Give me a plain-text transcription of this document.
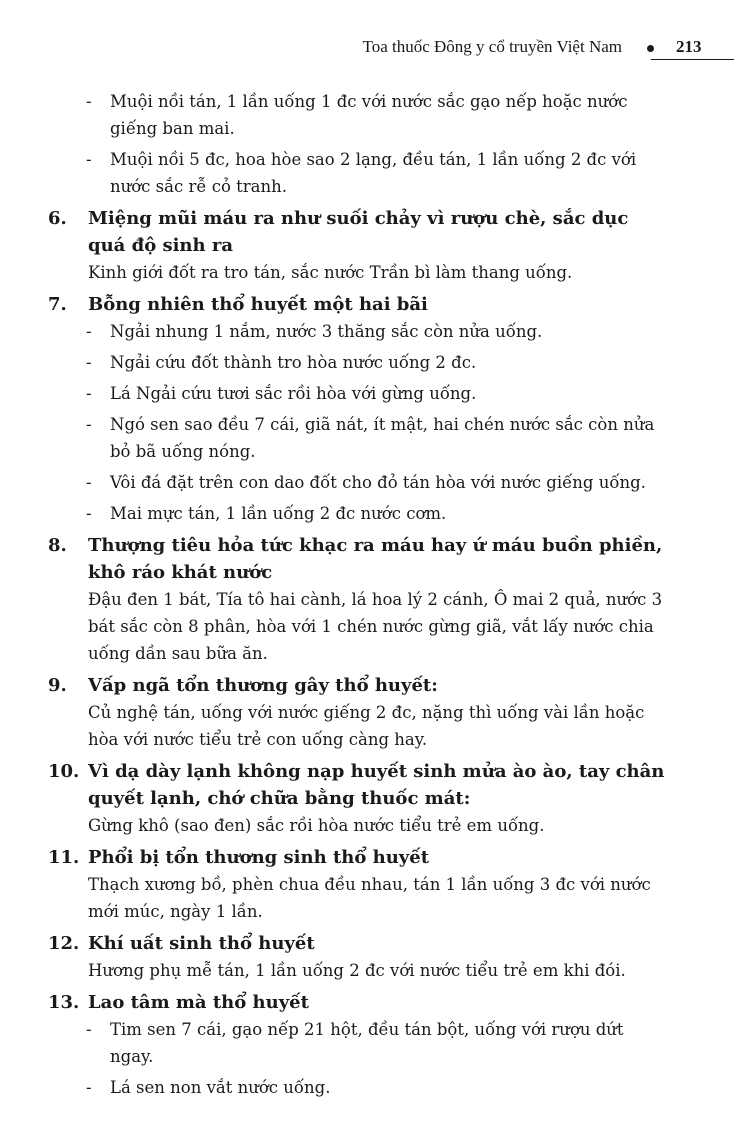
Toa thuốc Đông y cổ truyền Việt Nam	213
- Muội nồi tán, 1 lần uống 1 đc với nước sắc gạo nếp hoặc nước giếng ban mai.
- Muội nồi 5 đc, hoa hòe sao 2 lạng, đều tán, 1 lần uống 2 đc với nước sắc rễ cỏ tranh.
6.	Miệng mũi máu ra như suối chảy vì rượu chè, sắc dục quá độ sinh ra
Kinh giới đốt ra tro tán, sắc nước Trần bì làm thang uống.
7.	Bỗng nhiên thổ huyết một hai bãi
- Ngải nhung 1 nắm, nước 3 thăng sắc còn nửa uống.
- Ngải cứu đốt thành tro hòa nước uống 2 đc.
- Lá Ngải cứu tươi sắc rồi hòa với gừng uống.
- Ngó sen sao đều 7 cái, giã nát, ít mật, hai chén nước sắc còn nửa bỏ bã uống nóng.
- Vôi đá đặt trên con dao đốt cho đỏ tán hòa với nước giếng uống.
- Mai mực tán, 1 lần uống 2 đc nước cơm.
8.	Thượng tiêu hỏa tức khạc ra máu hay ứ máu buồn phiền, khô ráo khát nước
Đậu đen 1 bát, Tía tô hai cành, lá hoa lý 2 cánh, Ô mai 2 quả, nước 3 bát sắc còn 8 phân, hòa với 1 chén nước gừng giã, vắt lấy nước chia uống dần sau bữa ăn.
9.	Vấp ngã tổn thương gây thổ huyết:
Củ nghệ tán, uống với nước giếng 2 đc, nặng thì uống vài lần hoặc hòa với nước tiểu trẻ con uống càng hay.
10. Vì dạ dày lạnh không nạp huyết sinh mửa ào ào, tay chân quyết lạnh, chớ chữa bằng thuốc mát:
Gừng khô (sao đen) sắc rồi hòa nước tiểu trẻ em uống.
11. Phổi bị tổn thương sinh thổ huyết
Thạch xương bồ, phèn chua đều nhau, tán 1 lần uống 3 đc với nước mới múc, ngày 1 lần.
12. Khí uất sinh thổ huyết
Hương phụ mễ tán, 1 lần uống 2 đc với nước tiểu trẻ em khi đói.
13. Lao tâm mà thổ huyết
- Tim sen 7 cái, gạo nếp 21 hột, đều tán bột, uống với rượu dứt ngay.
- Lá sen non vắt nước uống.
